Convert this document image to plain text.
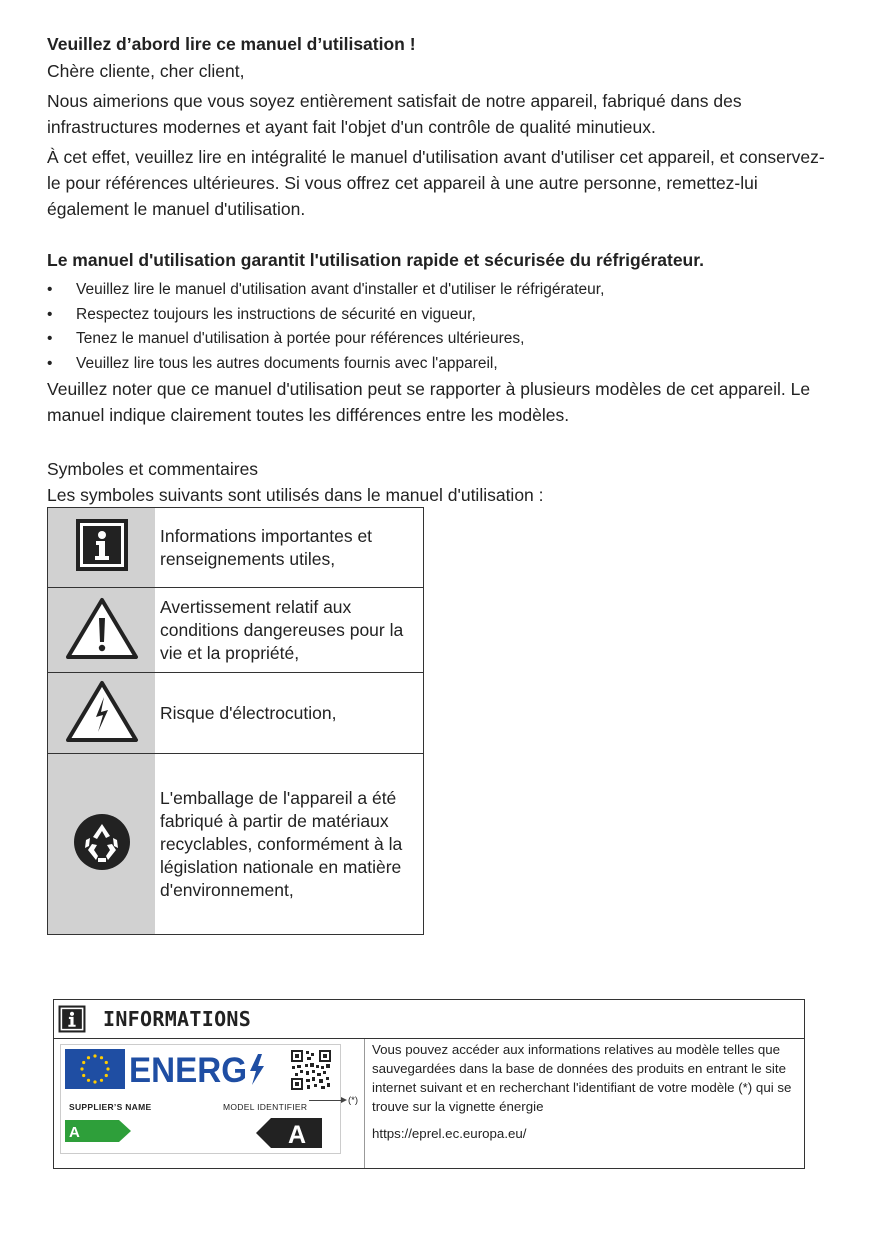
Veuillez d’abord lire ce manuel d’utilisation !

Chère cliente, cher client,

Nous aimerions que vous soyez entièrement satisfait de notre appareil, fabriqué dans des infrastructures modernes et ayant fait l'objet d'un contrôle de qualité minutieux.

À cet effet, veuillez lire en intégralité le manuel d'utilisation avant d'utiliser cet appareil, et conservez-le pour références ultérieures. Si vous offrez cet appareil à une autre personne, remettez-lui également le manuel d'utilisation.

Le manuel d'utilisation garantit l'utilisation rapide et sécurisée du réfrigérateur.

• Veuillez lire le manuel d'utilisation avant d'installer et d'utiliser le réfrigérateur,
• Respectez toujours les instructions de sécurité en vigueur,
• Tenez le manuel d'utilisation à portée pour références ultérieures,
• Veuillez lire tous les autres documents fournis avec l'appareil,

Veuillez noter que ce manuel d'utilisation peut se rapporter à plusieurs modèles de cet appareil. Le manuel indique clairement toutes les différences entre les modèles.

Symboles et commentaires

Les symboles suivants sont utilisés dans le manuel d'utilisation :

	Informations importantes et renseignements utiles,
	Avertissement relatif aux conditions dangereuses pour la vie et la propriété,
	Risque d'électrocution,
	L'emballage de l'appareil a été fabriqué à partir de matériaux recyclables, conformément à la législation nationale en matière d'environnement,
INFORMATIONS
ENERG
SUPPLIER’S NAME	MODEL IDENTIFIER
A	A
(*)

Vous pouvez accéder aux informations relatives au modèle telles que sauvegardées dans la base de données des produits en entrant le site internet suivant et en recherchant l'identifiant de votre modèle (*) qui se trouve sur la vignette énergie

https://eprel.ec.europa.eu/
